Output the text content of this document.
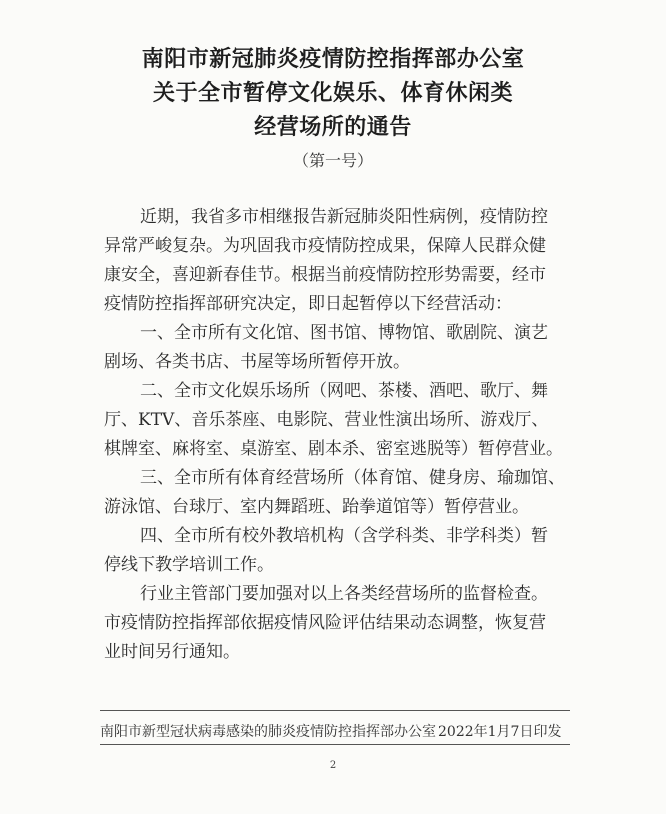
南阳市新冠肺炎疫情防控指挥部办公室
关于全市暂停文化娱乐、体育休闲类
经营场所的通告
（第一号）
近期，我省多市相继报告新冠肺炎阳性病例，疫情防控
异常严峻复杂。为巩固我市疫情防控成果，保障人民群众健
康安全，喜迎新春佳节。根据当前疫情防控形势需要，经市
疫情防控指挥部研究决定，即日起暂停以下经营活动：
一、全市所有文化馆、图书馆、博物馆、歌剧院、演艺
剧场、各类书店、书屋等场所暂停开放。
二、全市文化娱乐场所（网吧、茶楼、酒吧、歌厅、舞
厅、KTV、音乐茶座、电影院、营业性演出场所、游戏厅、
棋牌室、麻将室、桌游室、剧本杀、密室逃脱等）暂停营业。
三、全市所有体育经营场所（体育馆、健身房、瑜珈馆、
游泳馆、台球厅、室内舞蹈班、跆拳道馆等）暂停营业。
四、全市所有校外教培机构（含学科类、非学科类）暂
停线下教学培训工作。
行业主管部门要加强对以上各类经营场所的监督检查。
市疫情防控指挥部依据疫情风险评估结果动态调整，恢复营
业时间另行通知。
南阳市新型冠状病毒感染的肺炎疫情防控指挥部办公室 2022年1月7日印发
2
